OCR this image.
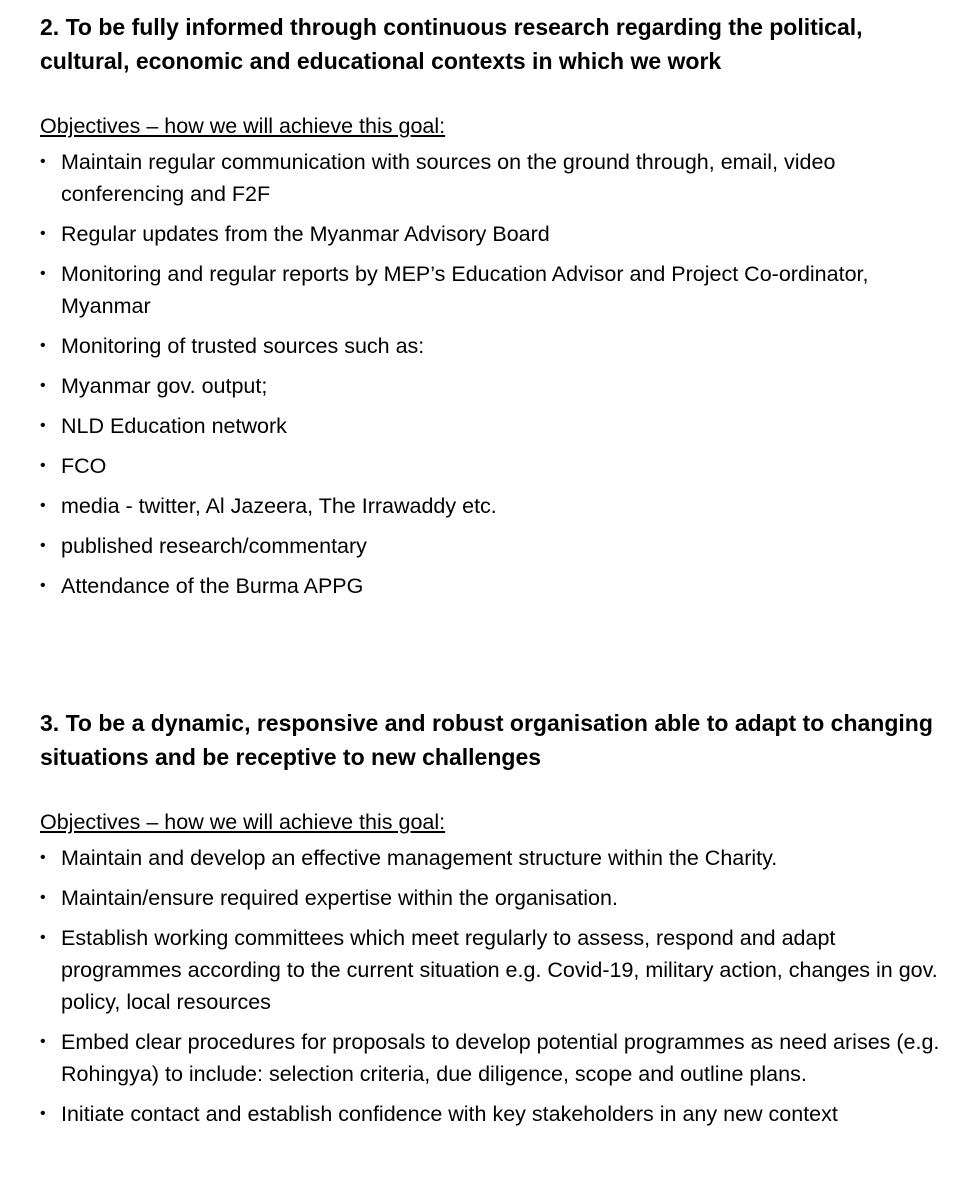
2. To be fully informed through continuous research regarding the political, cultural, economic and educational contexts in which we work

Objectives – how we will achieve this goal:

• Maintain regular communication with sources on the ground through, email, video conferencing and F2F
• Regular updates from the Myanmar Advisory Board
• Monitoring and regular reports by MEP’s Education Advisor and Project Co-ordinator, Myanmar
• Monitoring of trusted sources such as:
• Myanmar gov. output;
• NLD Education network
• FCO
• media - twitter, Al Jazeera, The Irrawaddy etc.
• published research/commentary
• Attendance of the Burma APPG

3. To be a dynamic, responsive and robust organisation able to adapt to changing situations and be receptive to new challenges

Objectives – how we will achieve this goal:

• Maintain and develop an effective management structure within the Charity.
• Maintain/ensure required expertise within the organisation.
• Establish working committees which meet regularly to assess, respond and adapt programmes according to the current situation e.g. Covid-19, military action, changes in gov. policy, local resources
• Embed clear procedures for proposals to develop potential programmes as need arises (e.g. Rohingya) to include: selection criteria, due diligence, scope and outline plans.
• Initiate contact and establish confidence with key stakeholders in any new context
